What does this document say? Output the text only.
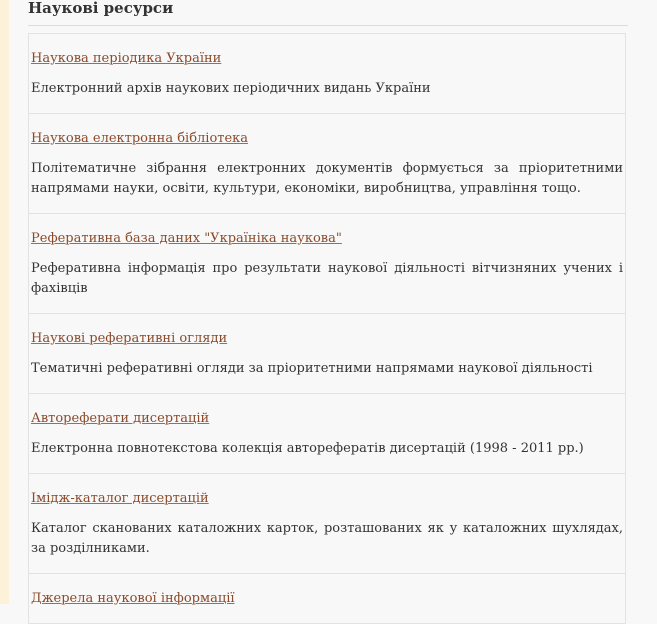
Наукові ресурси
Наукова періодика України

Електронний архів наукових періодичних видань України

Наукова електронна бібліотека

Політематичне зібрання електронних документів формується за пріоритетними напрямами науки, освіти, культури, економіки, виробництва, управління тощо.

Реферативна база даних "Україніка наукова"

Реферативна інформація про результати наукової діяльності вітчизняних учених і фахівців

Наукові реферативні огляди

Тематичні реферативні огляди за пріоритетними напрямами наукової діяльності

Автореферати дисертацій

Електронна повнотекстова колекція авторефератів дисертацій (1998 - 2011 рр.)

Імідж-каталог дисертацій

Каталог сканованих каталожних карток, розташованих як у каталожних шухлядах, за розділниками.

Джерела наукової інформації
